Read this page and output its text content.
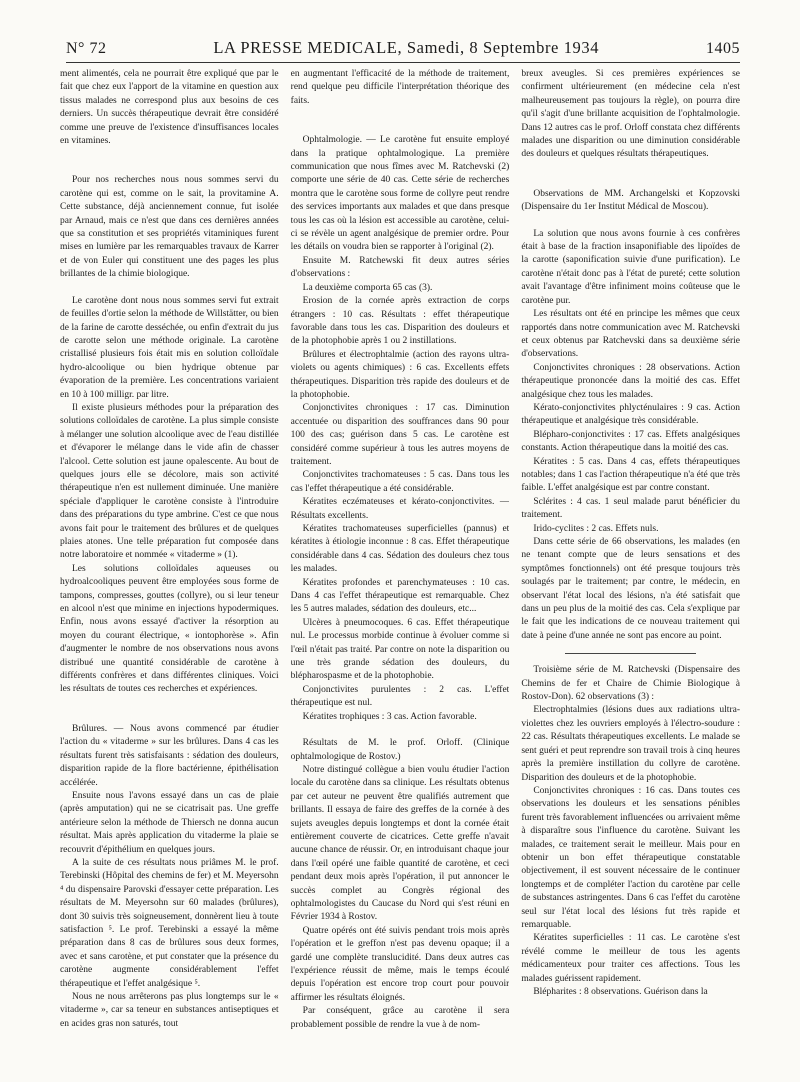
N° 72	LA PRESSE MEDICALE, Samedi, 8 Septembre 1934	1405

ment alimentés, cela ne pourrait être expliqué que par le fait que chez eux l'apport de la vitamine en question aux tissus malades ne correspond plus aux besoins de ces derniers. Un succès thérapeutique devrait être considéré comme une preuve de l'existence d'insuffisances locales en vitamines.

Pour nos recherches nous nous sommes servi du carotène qui est, comme on le sait, la provitamine A. Cette substance, déjà anciennement connue, fut isolée par Arnaud, mais ce n'est que dans ces dernières années que sa constitution et ses propriétés vitaminiques furent mises en lumière par les remarquables travaux de Karrer et de von Euler qui constituent une des pages les plus brillantes de la chimie biologique.

Le carotène dont nous nous sommes servi fut extrait de feuilles d'ortie selon la méthode de Willstätter, ou bien de la farine de carotte desséchée, ou enfin d'extrait du jus de carotte selon une méthode originale. La carotène cristallisé plusieurs fois était mis en solution colloïdale hydro-alcoolique ou bien hydrique obtenue par évaporation de la première. Les concentrations variaient en 10 à 100 milligr. par litre.

Il existe plusieurs méthodes pour la préparation des solutions colloïdales de carotène. La plus simple consiste à mélanger une solution alcoolique avec de l'eau distillée et d'évaporer le mélange dans le vide afin de chasser l'alcool. Cette solution est jaune opalescente. Au bout de quelques jours elle se décolore, mais son activité thérapeutique n'en est nullement diminuée. Une manière spéciale d'appliquer le carotène consiste à l'introduire dans des préparations du type ambrine. C'est ce que nous avons fait pour le traitement des brûlures et de quelques plaies atones. Une telle préparation fut composée dans notre laboratoire et nommée « vitaderme » (1).

Les solutions colloïdales aqueuses ou hydroalcooliques peuvent être employées sous forme de tampons, compresses, gouttes (collyre), ou si leur teneur en alcool n'est que minime en injections hypodermiques. Enfin, nous avons essayé d'activer la résorption au moyen du courant électrique, « iontophorèse ». Afin d'augmenter le nombre de nos observations nous avons distribué une quantité considérable de carotène à différents confrères et dans différentes cliniques. Voici les résultats de toutes ces recherches et expériences.

Brûlures. — Nous avons commencé par étudier l'action du « vitaderme » sur les brûlures. Dans 4 cas les résultats furent très satisfaisants : sédation des douleurs, disparition rapide de la flore bactérienne, épithélisation accélérée.

Ensuite nous l'avons essayé dans un cas de plaie (après amputation) qui ne se cicatrisait pas. Une greffe antérieure selon la méthode de Thiersch ne donna aucun résultat. Mais après application du vitaderme la plaie se recouvrit d'épithélium en quelques jours.

A la suite de ces résultats nous priâmes M. le prof. Terebinski (Hôpital des chemins de fer) et M. Meyersohn ⁴ du dispensaire Parovski d'essayer cette préparation. Les résultats de M. Meyersohn sur 60 malades (brûlures), dont 30 suivis très soigneusement, donnèrent lieu à toute satisfaction ⁵. Le prof. Terebinski a essayé la même préparation dans 8 cas de brûlures sous deux formes, avec et sans carotène, et put constater que la présence du carotène augmente considérablement l'effet thérapeutique et l'effet analgésique ⁵.

Nous ne nous arrêterons pas plus longtemps sur le « vitaderme », car sa teneur en substances antiseptiques et en acides gras non saturés, tout

en augmentant l'efficacité de la méthode de traitement, rend quelque peu difficile l'interprétation théorique des faits.

Ophtalmologie. — Le carotène fut ensuite employé dans la pratique ophtalmologique. La première communication que nous fîmes avec M. Ratchevski (2) comporte une série de 40 cas. Cette série de recherches montra que le carotène sous forme de collyre peut rendre des services importants aux malades et que dans presque tous les cas où la lésion est accessible au carotène, celui-ci se révèle un agent analgésique de premier ordre. Pour les détails on voudra bien se rapporter à l'original (2).

Ensuite M. Ratchewski fit deux autres séries d'observations :

La deuxième comporta 65 cas (3).

Erosion de la cornée après extraction de corps étrangers : 10 cas. Résultats : effet thérapeutique favorable dans tous les cas. Disparition des douleurs et de la photophobie après 1 ou 2 instillations.

Brûlures et électrophtalmie (action des rayons ultra-violets ou agents chimiques) : 6 cas. Excellents effets thérapeutiques. Disparition très rapide des douleurs et de la photophobie.

Conjonctivites chroniques : 17 cas. Diminution accentuée ou disparition des souffrances dans 90 pour 100 des cas; guérison dans 5 cas. Le carotène est considéré comme supérieur à tous les autres moyens de traitement.

Conjonctivites trachomateuses : 5 cas. Dans tous les cas l'effet thérapeutique a été considérable.

Kératites eczémateuses et kérato-conjonctivites. — Résultats excellents.

Kératites trachomateuses superficielles (pannus) et kératites à étiologie inconnue : 8 cas. Effet thérapeutique considérable dans 4 cas. Sédation des douleurs chez tous les malades.

Kératites profondes et parenchymateuses : 10 cas. Dans 4 cas l'effet thérapeutique est remarquable. Chez les 5 autres malades, sédation des douleurs, etc...

Ulcères à pneumocoques. 6 cas. Effet thérapeutique nul. Le processus morbide continue à évoluer comme si l'œil n'était pas traité. Par contre on note la disparition ou une très grande sédation des douleurs, du blépharospasme et de la photophobie.

Conjonctivites purulentes : 2 cas. L'effet thérapeutique est nul.

Kératites trophiques : 3 cas. Action favorable.

Résultats de M. le prof. Orloff. (Clinique ophtalmologique de Rostov.)

Notre distingué collègue a bien voulu étudier l'action locale du carotène dans sa clinique. Les résultats obtenus par cet auteur ne peuvent être qualifiés autrement que brillants. Il essaya de faire des greffes de la cornée à des sujets aveugles depuis longtemps et dont la cornée était entièrement couverte de cicatrices. Cette greffe n'avait aucune chance de réussir. Or, en introduisant chaque jour dans l'œil opéré une faible quantité de carotène, et ceci pendant deux mois après l'opération, il put annoncer le succès complet au Congrès régional des ophtalmologistes du Caucase du Nord qui s'est réuni en Février 1934 à Rostov.

Quatre opérés ont été suivis pendant trois mois après l'opération et le greffon n'est pas devenu opaque; il a gardé une complète translucidité. Dans deux autres cas l'expérience réussit de même, mais le temps écoulé depuis l'opération est encore trop court pour pouvoir affirmer les résultats éloignés.

Par conséquent, grâce au carotène il sera probablement possible de rendre la vue à de nom-

breux aveugles. Si ces premières expériences se confirment ultérieurement (en médecine cela n'est malheureusement pas toujours la règle), on pourra dire qu'il s'agit d'une brillante acquisition de l'ophtalmologie. Dans 12 autres cas le prof. Orloff constata chez différents malades une disparition ou une diminution considérable des douleurs et quelques résultats thérapeutiques.

Observations de MM. Archangelski et Kopzovski (Dispensaire du 1er Institut Médical de Moscou).

La solution que nous avons fournie à ces confrères était à base de la fraction insaponifiable des lipoïdes de la carotte (saponification suivie d'une purification). Le carotène n'était donc pas à l'état de pureté; cette solution avait l'avantage d'être infiniment moins coûteuse que le carotène pur.

Les résultats ont été en principe les mêmes que ceux rapportés dans notre communication avec M. Ratchevski et ceux obtenus par Ratchevski dans sa deuxième série d'observations.

Conjonctivites chroniques : 28 observations. Action thérapeutique prononcée dans la moitié des cas. Effet analgésique chez tous les malades.

Kérato-conjonctivites phlycténulaires : 9 cas. Action thérapeutique et analgésique très considérable.

Blépharo-conjonctivites : 17 cas. Effets analgésiques constants. Action thérapeutique dans la moitié des cas.

Kératites : 5 cas. Dans 4 cas, effets thérapeutiques notables; dans 1 cas l'action thérapeutique n'a été que très faible. L'effet analgésique est par contre constant.

Sclérites : 4 cas. 1 seul malade parut bénéficier du traitement.

Irido-cyclites : 2 cas. Effets nuls.

Dans cette série de 66 observations, les malades (en ne tenant compte que de leurs sensations et des symptômes fonctionnels) ont été presque toujours très soulagés par le traitement; par contre, le médecin, en observant l'état local des lésions, n'a été satisfait que dans un peu plus de la moitié des cas. Cela s'explique par le fait que les indications de ce nouveau traitement qui date à peine d'une année ne sont pas encore au point.

Troisième série de M. Ratchevski (Dispensaire des Chemins de fer et Chaire de Chimie Biologique à Rostov-Don). 62 observations (3) :

Electrophtalmies (lésions dues aux radiations ultra-violettes chez les ouvriers employés à l'électro-soudure : 22 cas. Résultats thérapeutiques excellents. Le malade se sent guéri et peut reprendre son travail trois à cinq heures après la première instillation du collyre de carotène. Disparition des douleurs et de la photophobie.

Conjonctivites chroniques : 16 cas. Dans toutes ces observations les douleurs et les sensations pénibles furent très favorablement influencées ou arrivaient même à disparaître sous l'influence du carotène. Suivant les malades, ce traitement serait le meilleur. Mais pour en obtenir un bon effet thérapeutique constatable objectivement, il est souvent nécessaire de le continuer longtemps et de compléter l'action du carotène par celle de substances astringentes. Dans 6 cas l'effet du carotène seul sur l'état local des lésions fut très rapide et remarquable.

Kératites superficielles : 11 cas. Le carotène s'est révélé comme le meilleur de tous les agents médicamenteux pour traiter ces affections. Tous les malades guérissent rapidement.

Blépharites : 8 observations. Guérison dans la
